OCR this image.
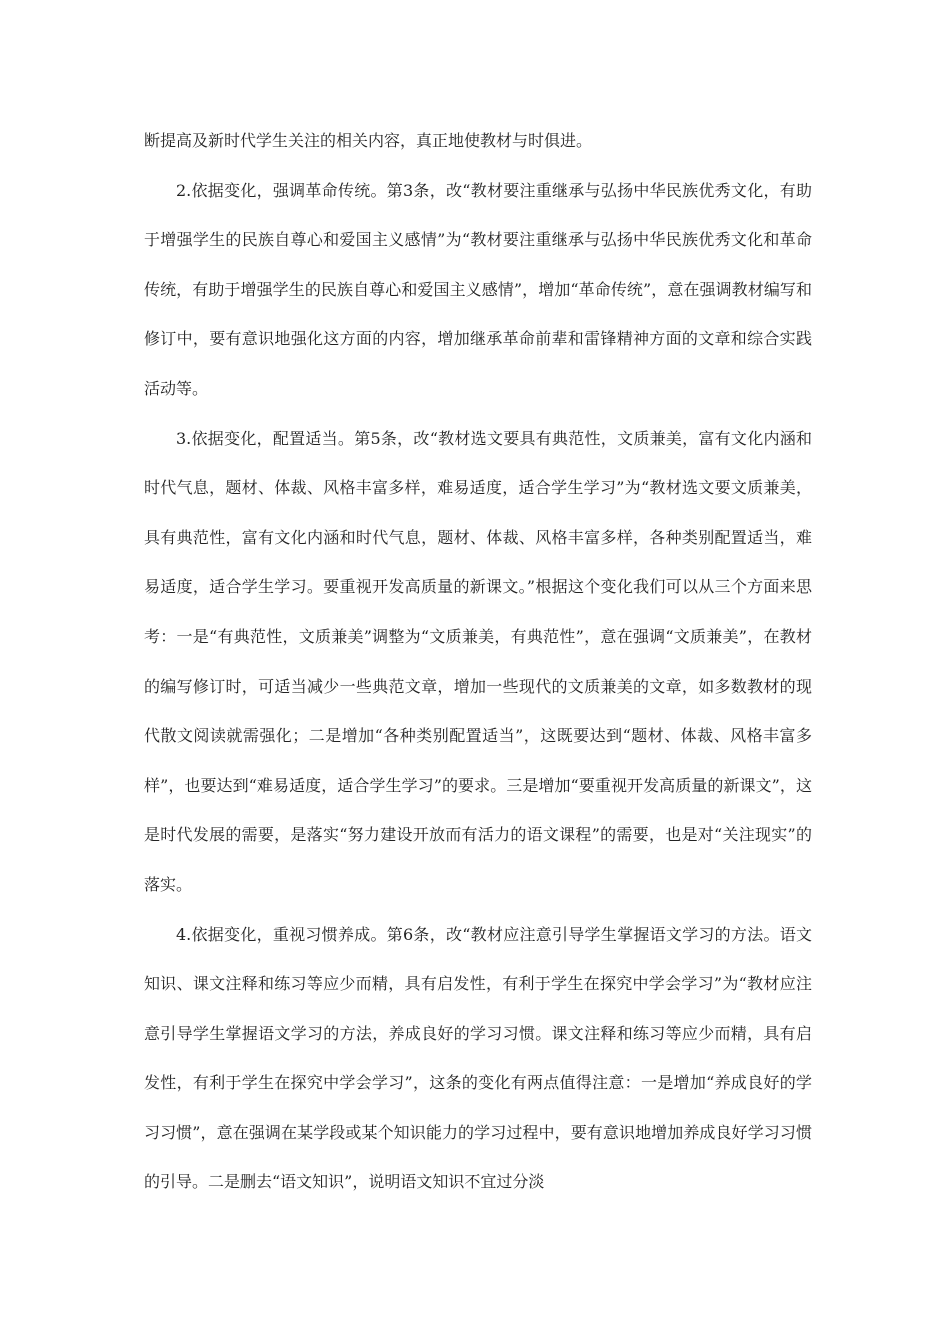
断提高及新时代学生关注的相关内容，真正地使教材与时俱进。

2.依据变化，强调革命传统。第3条，改“教材要注重继承与弘扬中华民族优秀文化，有助于增强学生的民族自尊心和爱国主义感情”为“教材要注重继承与弘扬中华民族优秀文化和革命传统，有助于增强学生的民族自尊心和爱国主义感情”，增加“革命传统”，意在强调教材编写和修订中，要有意识地强化这方面的内容，增加继承革命前辈和雷锋精神方面的文章和综合实践活动等。

3.依据变化，配置适当。第5条，改“教材选文要具有典范性，文质兼美，富有文化内涵和时代气息，题材、体裁、风格丰富多样，难易适度，适合学生学习”为“教材选文要文质兼美，具有典范性，富有文化内涵和时代气息，题材、体裁、风格丰富多样，各种类别配置适当，难易适度，适合学生学习。要重视开发高质量的新课文。”根据这个变化我们可以从三个方面来思考：一是“有典范性，文质兼美”调整为“文质兼美，有典范性”，意在强调“文质兼美”，在教材的编写修订时，可适当减少一些典范文章，增加一些现代的文质兼美的文章，如多数教材的现代散文阅读就需强化；二是增加“各种类别配置适当”，这既要达到“题材、体裁、风格丰富多样”，也要达到“难易适度，适合学生学习”的要求。三是增加“要重视开发高质量的新课文”，这是时代发展的需要，是落实“努力建设开放而有活力的语文课程”的需要，也是对“关注现实”的落实。

4.依据变化，重视习惯养成。第6条，改“教材应注意引导学生掌握语文学习的方法。语文知识、课文注释和练习等应少而精，具有启发性，有利于学生在探究中学会学习”为“教材应注意引导学生掌握语文学习的方法，养成良好的学习习惯。课文注释和练习等应少而精，具有启发性，有利于学生在探究中学会学习”，这条的变化有两点值得注意：一是增加“养成良好的学习习惯”，意在强调在某学段或某个知识能力的学习过程中，要有意识地增加养成良好学习习惯的引导。二是删去“语文知识”，说明语文知识不宜过分淡
